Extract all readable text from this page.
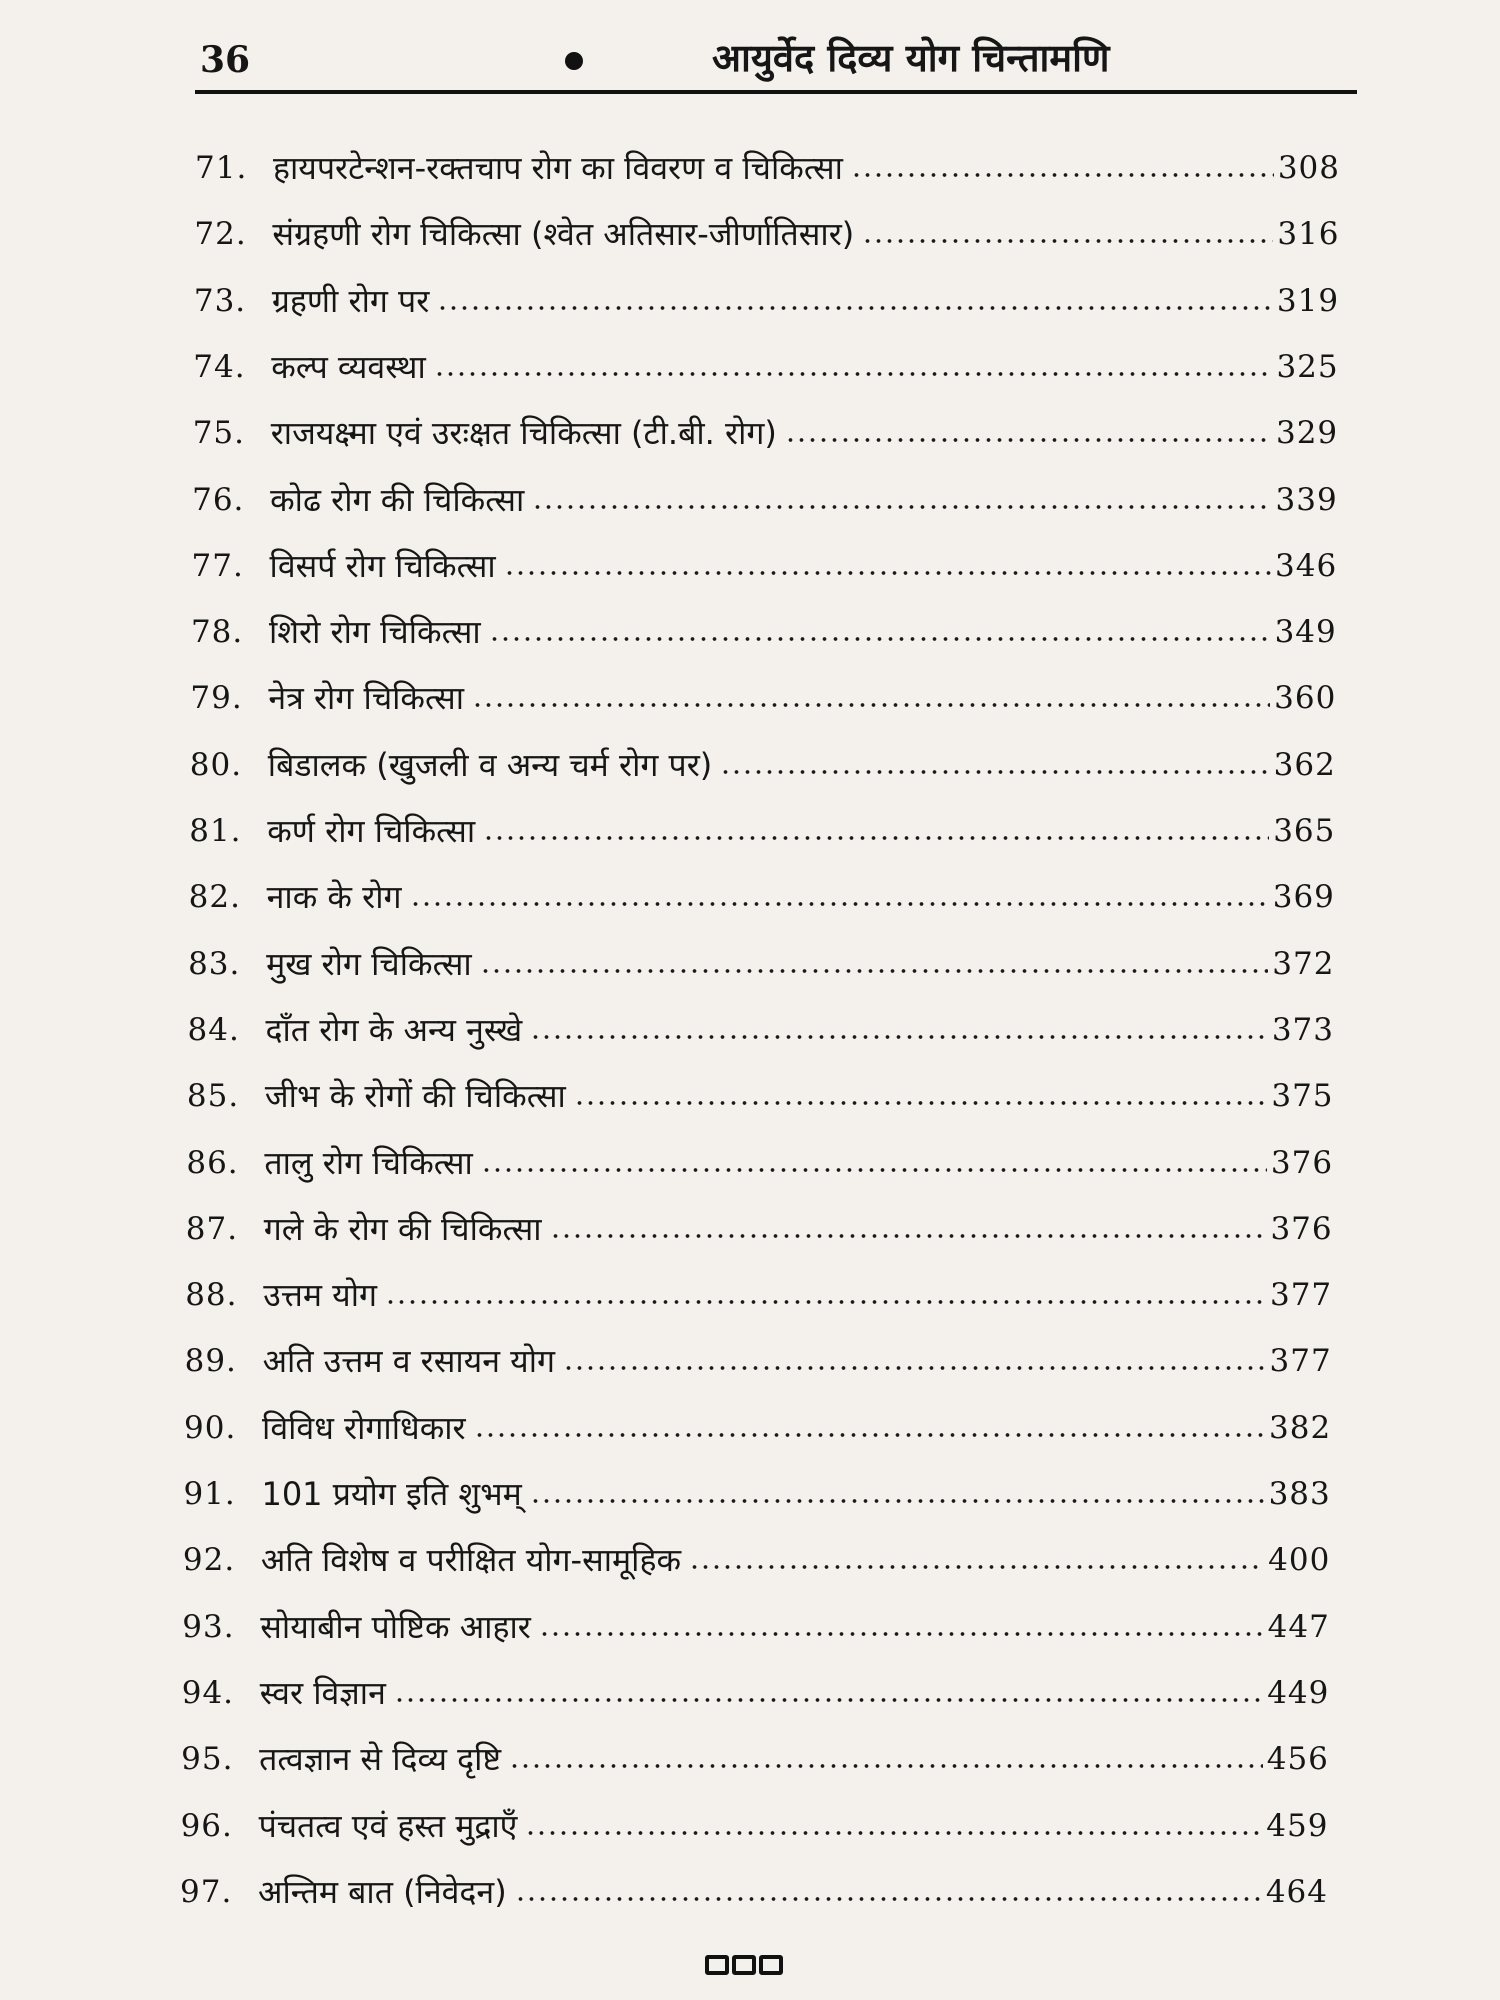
36	आयुर्वेद दिव्य योग चिन्तामणि
71. हायपरटेन्शन-रक्तचाप रोग का विवरण व चिकित्सा	308
72. संग्रहणी रोग चिकित्सा (श्वेत अतिसार-जीर्णातिसार)	316
73. ग्रहणी रोग पर	319
74. कल्प व्यवस्था	325
75. राजयक्ष्मा एवं उरःक्षत चिकित्सा (टी.बी. रोग)	329
76. कोढ रोग की चिकित्सा	339
77. विसर्प रोग चिकित्सा	346
78. शिरो रोग चिकित्सा	349
79. नेत्र रोग चिकित्सा	360
80. बिडालक (खुजली व अन्य चर्म रोग पर)	362
81. कर्ण रोग चिकित्सा	365
82. नाक के रोग	369
83. मुख रोग चिकित्सा	372
84. दाँत रोग के अन्य नुस्खे	373
85. जीभ के रोगों की चिकित्सा	375
86. तालु रोग चिकित्सा	376
87. गले के रोग की चिकित्सा	376
88. उत्तम योग	377
89. अति उत्तम व रसायन योग	377
90. विविध रोगाधिकार	382
91. 101 प्रयोग इति शुभम्	383
92. अति विशेष व परीक्षित योग-सामूहिक	400
93. सोयाबीन पोष्टिक आहार	447
94. स्वर विज्ञान	449
95. तत्वज्ञान से दिव्य दृष्टि	456
96. पंचतत्व एवं हस्त मुद्राएँ	459
97. अन्तिम बात (निवेदन)	464
